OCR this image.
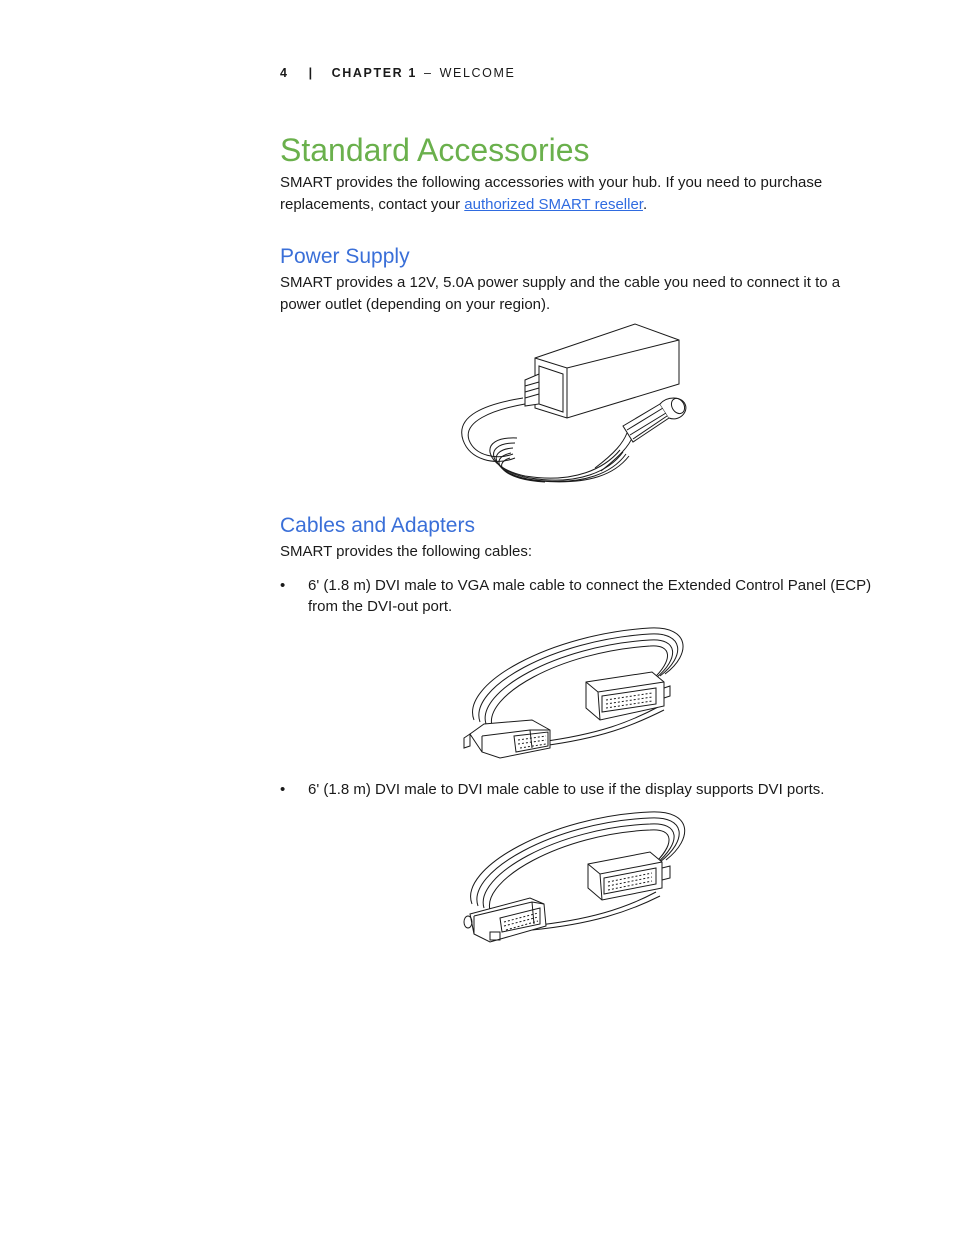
4 | CHAPTER 1 – WELCOME
Standard Accessories

SMART provides the following accessories with your hub. If you need to purchase replacements, contact your authorized SMART reseller.

Power Supply

SMART provides a 12V, 5.0A power supply and the cable you need to connect it to a power outlet (depending on your region).

Cables and Adapters

SMART provides the following cables:

• 6' (1.8 m) DVI male to VGA male cable to connect the Extended Control Panel (ECP) from the DVI-out port.
• 6' (1.8 m) DVI male to DVI male cable to use if the display supports DVI ports.
